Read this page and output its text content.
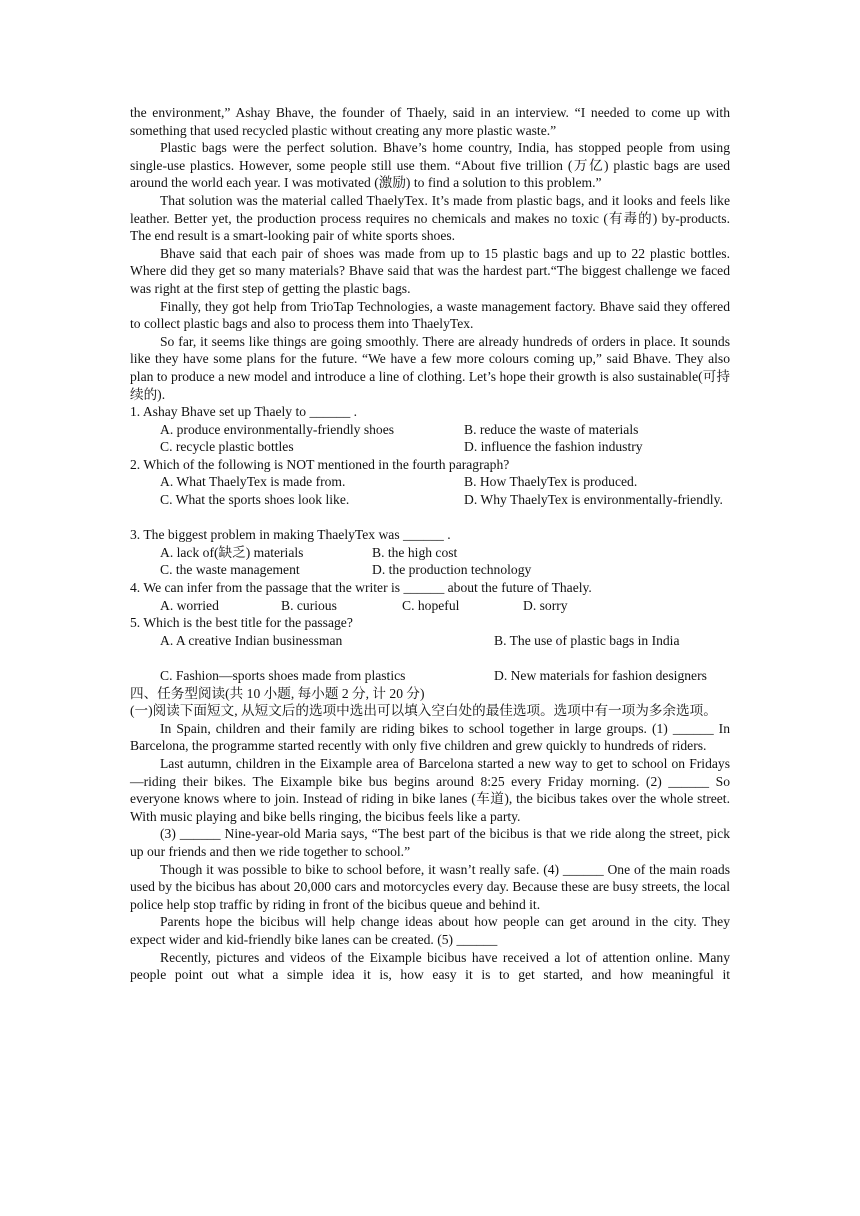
the environment,” Ashay Bhave, the founder of Thaely, said in an interview. “I needed to come up with something that used recycled plastic without creating any more plastic waste.”

Plastic bags were the perfect solution. Bhave’s home country, India, has stopped people from using single-use plastics. However, some people still use them. “About five trillion (万亿) plastic bags are used around the world each year. I was motivated (激励) to find a solution to this problem.”

That solution was the material called ThaelyTex. It’s made from plastic bags, and it looks and feels like leather. Better yet, the production process requires no chemicals and makes no toxic (有毒的) by-products. The end result is a smart-looking pair of white sports shoes.

Bhave said that each pair of shoes was made from up to 15 plastic bags and up to 22 plastic bottles. Where did they get so many materials? Bhave said that was the hardest part.“The biggest challenge we faced was right at the first step of getting the plastic bags.

Finally, they got help from TrioTap Technologies, a waste management factory. Bhave said they offered to collect plastic bags and also to process them into ThaelyTex.

So far, it seems like things are going smoothly. There are already hundreds of orders in place. It sounds like they have some plans for the future. “We have a few more colours coming up,” said Bhave. They also plan to produce a new model and introduce a line of clothing. Let’s hope their growth is also sustainable(可持续的).

1. Ashay Bhave set up Thaely to ______ .

A. produce environmentally-friendly shoes	B. reduce the waste of materials
C. recycle plastic bottles	D. influence the fashion industry

2. Which of the following is NOT mentioned in the fourth paragraph?

A. What ThaelyTex is made from.	B. How ThaelyTex is produced.
C. What the sports shoes look like.	D. Why ThaelyTex is environmentally-friendly.

3. The biggest problem in making ThaelyTex was ______ .

A. lack of(缺乏) materials	B. the high cost
C. the waste management	D. the production technology

4. We can infer from the passage that the writer is ______ about the future of Thaely.

A. worried	B. curious	C. hopeful	D. sorry

5. Which is the best title for the passage?

A. A creative Indian businessman	B. The use of plastic bags in India
C. Fashion—sports shoes made from plastics	D. New materials for fashion designers

四、任务型阅读(共 10 小题, 每小题 2 分, 计 20 分)

(一)阅读下面短文, 从短文后的选项中选出可以填入空白处的最佳选项。选项中有一项为多余选项。

In Spain, children and their family are riding bikes to school together in large groups. (1) ______ In Barcelona, the programme started recently with only five children and grew quickly to hundreds of riders.

Last autumn, children in the Eixample area of Barcelona started a new way to get to school on Fridays—riding their bikes. The Eixample bike bus begins around 8:25 every Friday morning. (2) ______ So everyone knows where to join. Instead of riding in bike lanes (车道), the bicibus takes over the whole street. With music playing and bike bells ringing, the bicibus feels like a party.

(3) ______ Nine-year-old Maria says, “The best part of the bicibus is that we ride along the street, pick up our friends and then we ride together to school.”

Though it was possible to bike to school before, it wasn’t really safe. (4) ______ One of the main roads used by the bicibus has about 20,000 cars and motorcycles every day. Because these are busy streets, the local police help stop traffic by riding in front of the bicibus queue and behind it.

Parents hope the bicibus will help change ideas about how people can get around in the city. They expect wider and kid-friendly bike lanes can be created. (5) ______

Recently, pictures and videos of the Eixample bicibus have received a lot of attention online. Many people point out what a simple idea it is, how easy it is to get started, and how meaningful it
